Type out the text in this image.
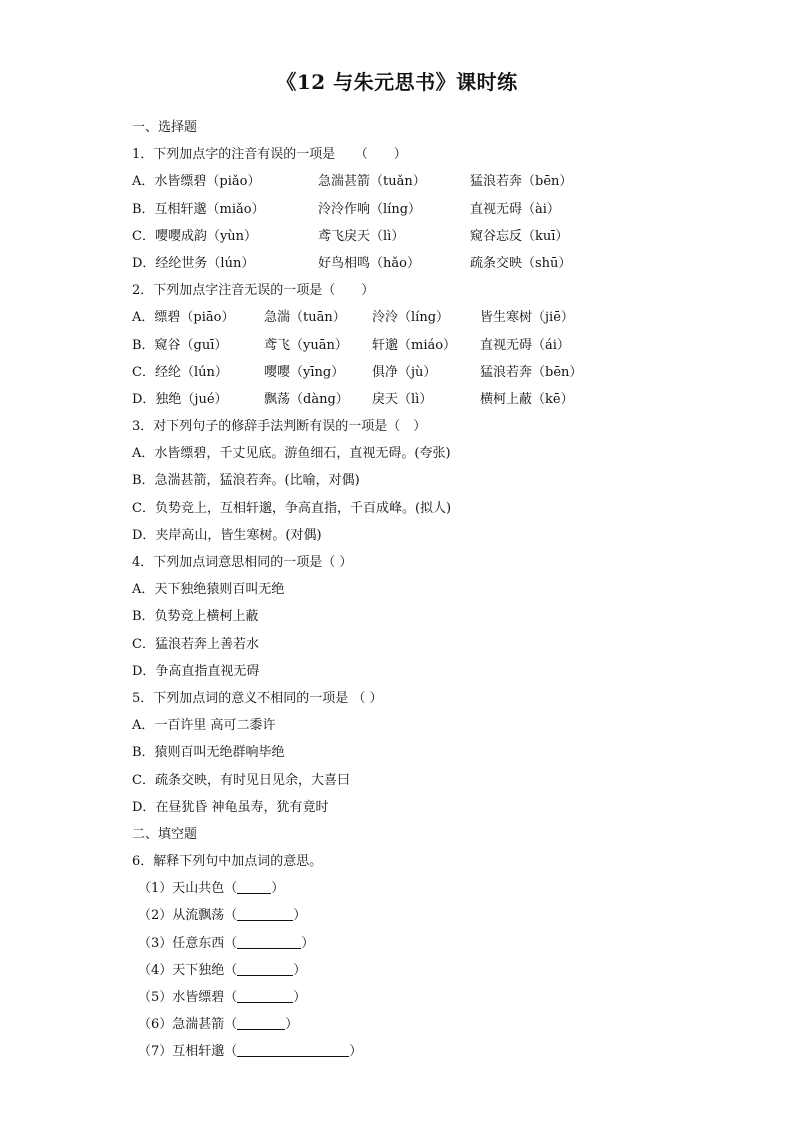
《12 与朱元思书》课时练
一、选择题
1．下列加点字的注音有误的一项是　　（　　）
A．水皆缥碧（piǎo）	急湍甚箭（tuǎn）	猛浪若奔（bēn）
B．互相轩邈（miǎo）	泠泠作响（líng）	直视无碍（ài）
C．嘤嘤成韵（yùn）	鸢飞戾天（lì）	窥谷忘反（kuī）
D．经纶世务（lún）	好鸟相鸣（hǎo）	疏条交映（shū）
2．下列加点字注音无误的一项是（　　）
A．缥碧（piāo）	急湍（tuān）	泠泠（líng）	皆生寒树（jiē）
B．窥谷（guī）	鸢飞（yuān）	轩邈（miáo）	直视无碍（ái）
C．经纶（lún）	嘤嘤（yīng）	俱净（jù）	猛浪若奔（bēn）
D．独绝（jué）	飘荡（dàng）	戾天（lì）	横柯上蔽（kē）
3．对下列句子的修辞手法判断有误的一项是（　）
A．水皆缥碧，千丈见底。游鱼细石，直视无碍。(夸张)
B．急湍甚箭，猛浪若奔。(比喻，对偶)
C．负势竞上，互相轩邈，争高直指，千百成峰。(拟人)
D．夹岸高山，皆生寒树。(对偶)
4．下列加点词意思相同的一项是（ ）
A．天下独绝猿则百叫无绝
B．负势竞上横柯上蔽
C．猛浪若奔上善若水
D．争高直指直视无碍
5．下列加点词的意义不相同的一项是 （ ）
A．一百许里 高可二黍许
B．猿则百叫无绝群响毕绝
C．疏条交映，有时见日见余，大喜曰
D．在昼犹昏 神龟虽寿，犹有竟时
二、填空题
6．解释下列句中加点词的意思。
（1）天山共色（	）
（2）从流飘荡（	）
（3）任意东西（	）
（4）天下独绝（	）
（5）水皆缥碧（	）
（6）急湍甚箭（	）
（7）互相轩邈（	）
